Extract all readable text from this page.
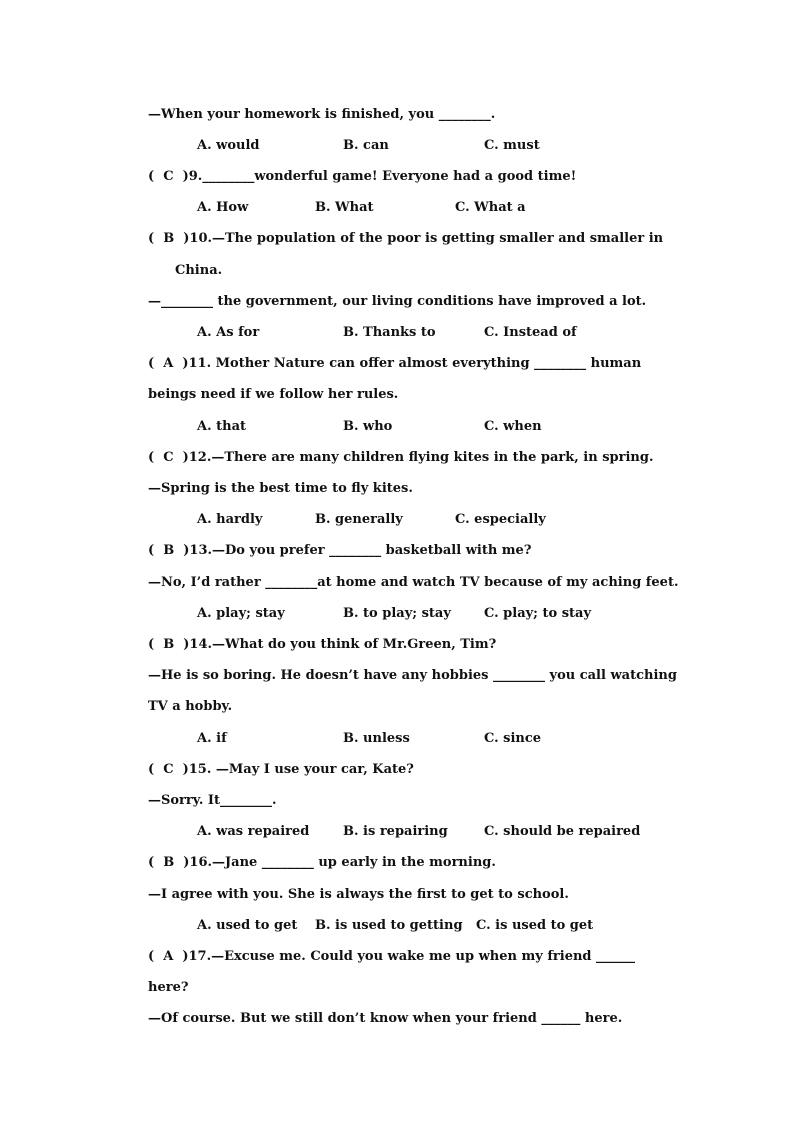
—When your homework is finished, you ________.
A. would	B. can	C. must
(  C  )9.________wonderful game! Everyone had a good time!
A. How	B. What	C. What a
(  B  )10.—The population of the poor is getting smaller and smaller in
China.
—________ the government, our living conditions have improved a lot.
A. As for	B. Thanks to	C. Instead of
(  A  )11. Mother Nature can offer almost everything ________ human
beings need if we follow her rules.
A. that	B. who	C. when
(  C  )12.—There are many children flying kites in the park, in spring.
—Spring is the best time to fly kites.
A. hardly	B. generally	C. especially
(  B  )13.—Do you prefer ________ basketball with me?
—No, I’d rather ________at home and watch TV because of my aching feet.
A. play; stay	B. to play; stay	C. play; to stay
(  B  )14.—What do you think of Mr.Green, Tim?
—He is so boring. He doesn’t have any hobbies ________ you call watching
TV a hobby.
A. if	B. unless	C. since
(  C  )15. —May I use your car, Kate?
—Sorry. It________.
A. was repaired	B. is repairing	C. should be repaired
(  B  )16.—Jane ________ up early in the morning.
—I agree with you. She is always the first to get to school.
A. used to get B. is used to getting C. is used to get
(  A  )17.—Excuse me. Could you wake me up when my friend ______
here?
—Of course. But we still don’t know when your friend ______ here.
